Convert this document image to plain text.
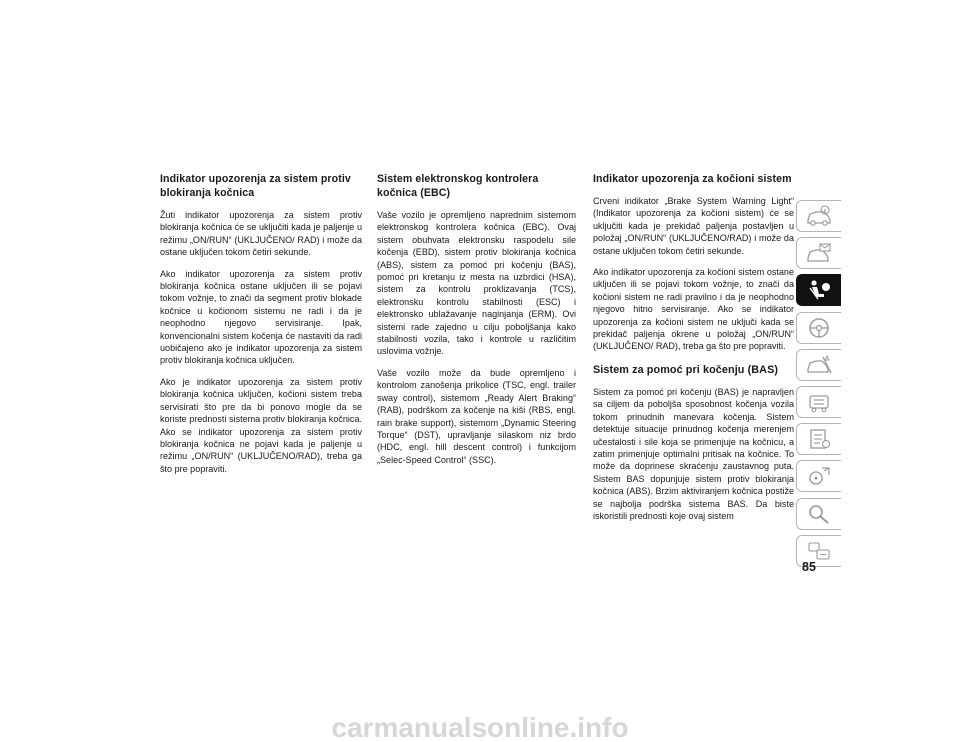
Indikator upozorenja za sistem protiv blokiranja kočnica

Žuti indikator upozorenja za sistem protiv blokiranja kočnica će se uključiti kada je paljenje u režimu „ON/RUN“ (UKLJUČENO/ RAD) i može da ostane uključen tokom četiri sekunde.

Ako indikator upozorenja za sistem protiv blokiranja kočnica ostane uključen ili se pojavi tokom vožnje, to znači da segment protiv blokade kočnice u kočionom sistemu ne radi i da je neophodno njegovo servisiranje. Ipak, konvencionalni sistem kočenja će nastaviti da radi uobičajeno ako je indikator upozorenja za sistem protiv blokiranja kočnica uključen.

Ako je indikator upozorenja za sistem protiv blokiranja kočnica uključen, kočioni sistem treba servisirati što pre da bi ponovo mogle da se koriste prednosti sistema protiv blokiranja kočnica. Ako se indikator upozorenja za sistem protiv blokiranja kočnica ne pojavi kada je paljenje u režimu „ON/RUN“ (UKLJUČENO/RAD), treba ga što pre popraviti.

Sistem elektronskog kontrolera kočnica (EBC)

Vaše vozilo je opremljeno naprednim sistemom elektronskog kontrolera kočnica (EBC). Ovaj sistem obuhvata elektronsku raspodelu sile kočenja (EBD), sistem protiv blokiranja kočnica (ABS), sistem za pomoć pri kočenju (BAS), pomoć pri kretanju iz mesta na uzbrdici (HSA), sistem za kontrolu proklizavanja (TCS), elektronsku kontrolu stabilnosti (ESC) i elektronsko ublažavanje naginjanja (ERM). Ovi sistemi rade zajedno u cilju poboljšanja kako stabilnosti vozila, tako i kontrole u različitim uslovima vožnje.

Vaše vozilo može da bude opremljeno i kontrolom zanošenja prikolice (TSC, engl. trailer sway control), sistemom „Ready Alert Braking“ (RAB), podrškom za kočenje na kiši (RBS, engl. rain brake support), sistemom „Dynamic Steering Torque“ (DST), upravljanje silaskom niz brdo (HDC, engl. hill descent control) i funkcijom „Selec-Speed Control“ (SSC).

Indikator upozorenja za kočioni sistem

Crveni indikator „Brake System Warning Light“ (Indikator upozorenja za kočioni sistem) će se uključiti kada je prekidač paljenja postavljen u položaj „ON/RUN“ (UKLJUČENO/RAD) i može da ostane uključen tokom četiri sekunde.

Ako indikator upozorenja za kočioni sistem ostane uključen ili se pojavi tokom vožnje, to znači da kočioni sistem ne radi pravilno i da je neophodno njegovo hitno servisiranje. Ako se indikator upozorenja za kočioni sistem ne uključi kada se prekidač paljenja okrene u položaj „ON/RUN“ (UKLJUČENO/ RAD), treba ga što pre popraviti.

Sistem za pomoć pri kočenju (BAS)

Sistem za pomoć pri kočenju (BAS) je napravljen sa ciljem da poboljša sposobnost kočenja vozila tokom prinudnih manevara kočenja. Sistem detektuje situacije prinudnog kočenja merenjem učestalosti i sile koja se primenjuje na kočnicu, a zatim primenjuje optimalni pritisak na kočnice. To može da doprinese skraćenju zaustavnog puta. Sistem BAS dopunjuje sistem protiv blokiranja kočnica (ABS). Brzim aktiviranjem kočnica postiže se najbolja podrška sistema BAS. Da biste iskoristili prednosti koje ovaj sistem

85
carmanualsonline.info
